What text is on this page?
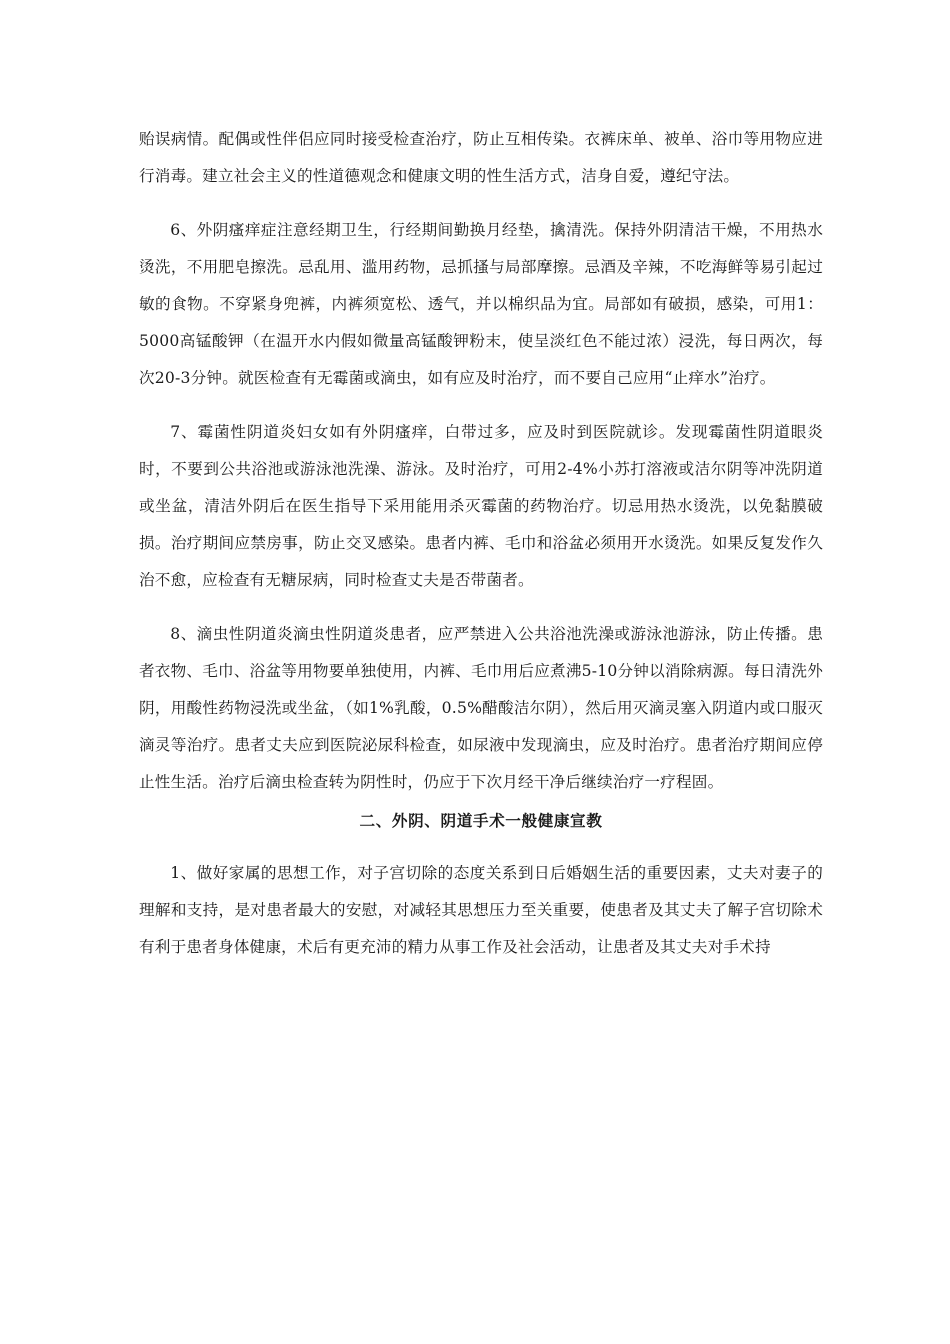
贻误病情。配偶或性伴侣应同时接受检查治疗，防止互相传染。衣裤床单、被单、浴巾等用物应进行消毒。建立社会主义的性道德观念和健康文明的性生活方式，洁身自爱，遵纪守法。

6、外阴瘙痒症注意经期卫生，行经期间勤换月经垫，擒清洗。保持外阴清洁干燥，不用热水烫洗，不用肥皂擦洗。忌乱用、滥用药物，忌抓搔与局部摩擦。忌酒及辛辣，不吃海鲜等易引起过敏的食物。不穿紧身兜裤，内裤须宽松、透气，并以棉织品为宜。局部如有破损，感染，可用1：5000高锰酸钾（在温开水内假如微量高锰酸钾粉末，使呈淡红色不能过浓）浸洗，每日两次，每次20-3分钟。就医检查有无霉菌或滴虫，如有应及时治疗，而不要自己应用“止痒水”治疗。

7、霉菌性阴道炎妇女如有外阴瘙痒，白带过多，应及时到医院就诊。发现霉菌性阴道眼炎时，不要到公共浴池或游泳池洗澡、游泳。及时治疗，可用2-4%小苏打溶液或洁尔阴等冲洗阴道或坐盆，清洁外阴后在医生指导下采用能用杀灭霉菌的药物治疗。切忌用热水烫洗，以免黏膜破损。治疗期间应禁房事，防止交叉感染。患者内裤、毛巾和浴盆必须用开水烫洗。如果反复发作久治不愈，应检查有无糖尿病，同时检查丈夫是否带菌者。

8、滴虫性阴道炎滴虫性阴道炎患者，应严禁进入公共浴池洗澡或游泳池游泳，防止传播。患者衣物、毛巾、浴盆等用物要单独使用，内裤、毛巾用后应煮沸5-10分钟以消除病源。每日清洗外阴，用酸性药物浸洗或坐盆，（如1%乳酸，0.5%醋酸洁尔阴），然后用灭滴灵塞入阴道内或口服灭滴灵等治疗。患者丈夫应到医院泌尿科检查，如尿液中发现滴虫，应及时治疗。患者治疗期间应停止性生活。治疗后滴虫检查转为阴性时，仍应于下次月经干净后继续治疗一疗程固。

二、外阴、阴道手术一般健康宣教

1、做好家属的思想工作，对子宫切除的态度关系到日后婚姻生活的重要因素，丈夫对妻子的理解和支持，是对患者最大的安慰，对减轻其思想压力至关重要，使患者及其丈夫了解子宫切除术有利于患者身体健康，术后有更充沛的精力从事工作及社会活动，让患者及其丈夫对手术持
